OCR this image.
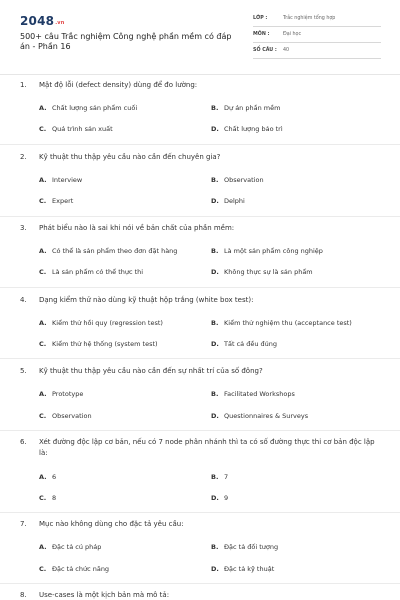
2048.vn
500+ câu Trắc nghiệm Công nghệ phần mềm có đáp án - Phần 16
LỚP :	Trắc nghiệm tổng hợp
MÔN :	Đại học
SỐ CÂU : 40
1. Mật độ lỗi (defect density) dùng để đo lường:
A. Chất lượng sản phẩm cuối	B. Dự án phần mềm
C. Quá trình sản xuất	D. Chất lượng bảo trì
2. Kỹ thuật thu thập yêu cầu nào cần đến chuyên gia?
A. Interview	B. Observation
C. Expert	D. Delphi
3. Phát biểu nào là sai khi nói về bản chất của phần mềm:
A. Có thể là sản phẩm theo đơn đặt hàng	B. Là một sản phẩm công nghiệp
C. Là sản phẩm có thể thực thi	D. Không thực sự là sản phẩm
4. Dạng kiểm thử nào dùng kỹ thuật hộp trắng (white box test):
A. Kiểm thử hồi quy (regression test)	B. Kiểm thử nghiệm thu (acceptance test)
C. Kiểm thử hệ thống (system test)	D. Tất cả đều đúng
5. Kỹ thuật thu thập yêu cầu nào cần đến sự nhất trí của số đông?
A. Prototype	B. Facilitated Workshops
C. Observation	D. Questionnaires & Surveys
6. Xét đường độc lập cơ bản, nếu có 7 node phân nhánh thì ta có số đường thực thi cơ bản độc lập là:
A. 6	B. 7
C. 8	D. 9
7. Mục nào không dùng cho đặc tả yêu cầu:
A. Đặc tả cú pháp	B. Đặc tả đối tượng
C. Đặc tả chức năng	D. Đặc tả kỹ thuật
8. Use-cases là một kịch bản mà mô tả:
